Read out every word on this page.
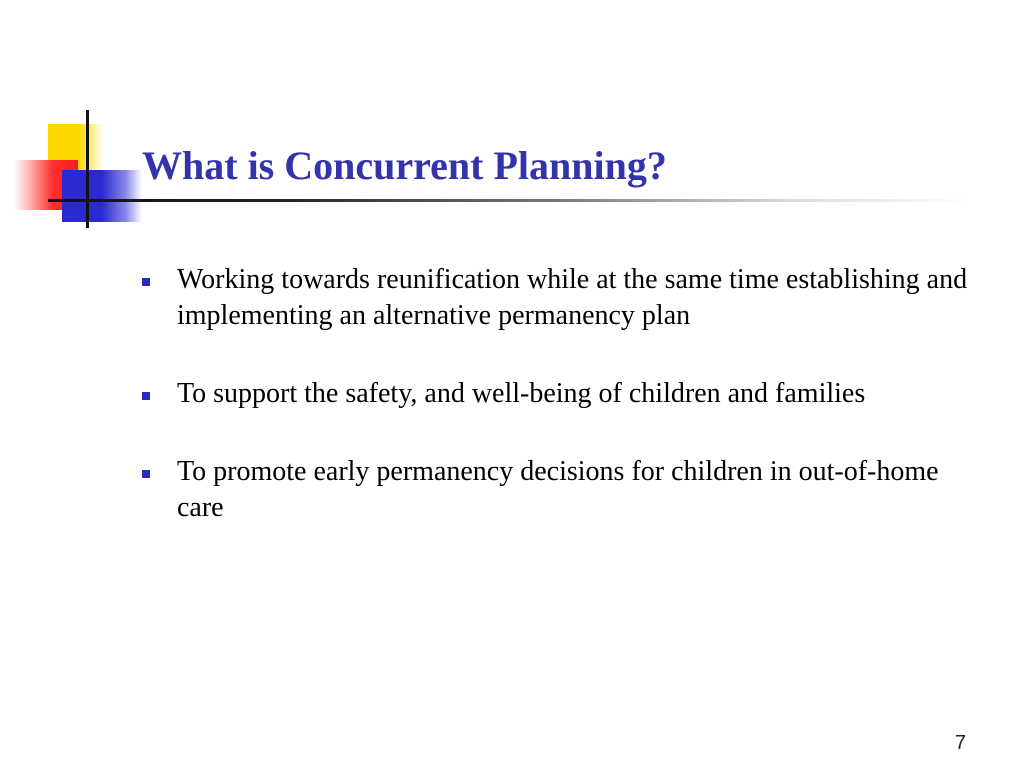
What is Concurrent Planning?
Working towards reunification while at the same time establishing and implementing an alternative permanency plan
To support the safety, and well-being of children and families
To promote early permanency decisions for children in out-of-home care
7
